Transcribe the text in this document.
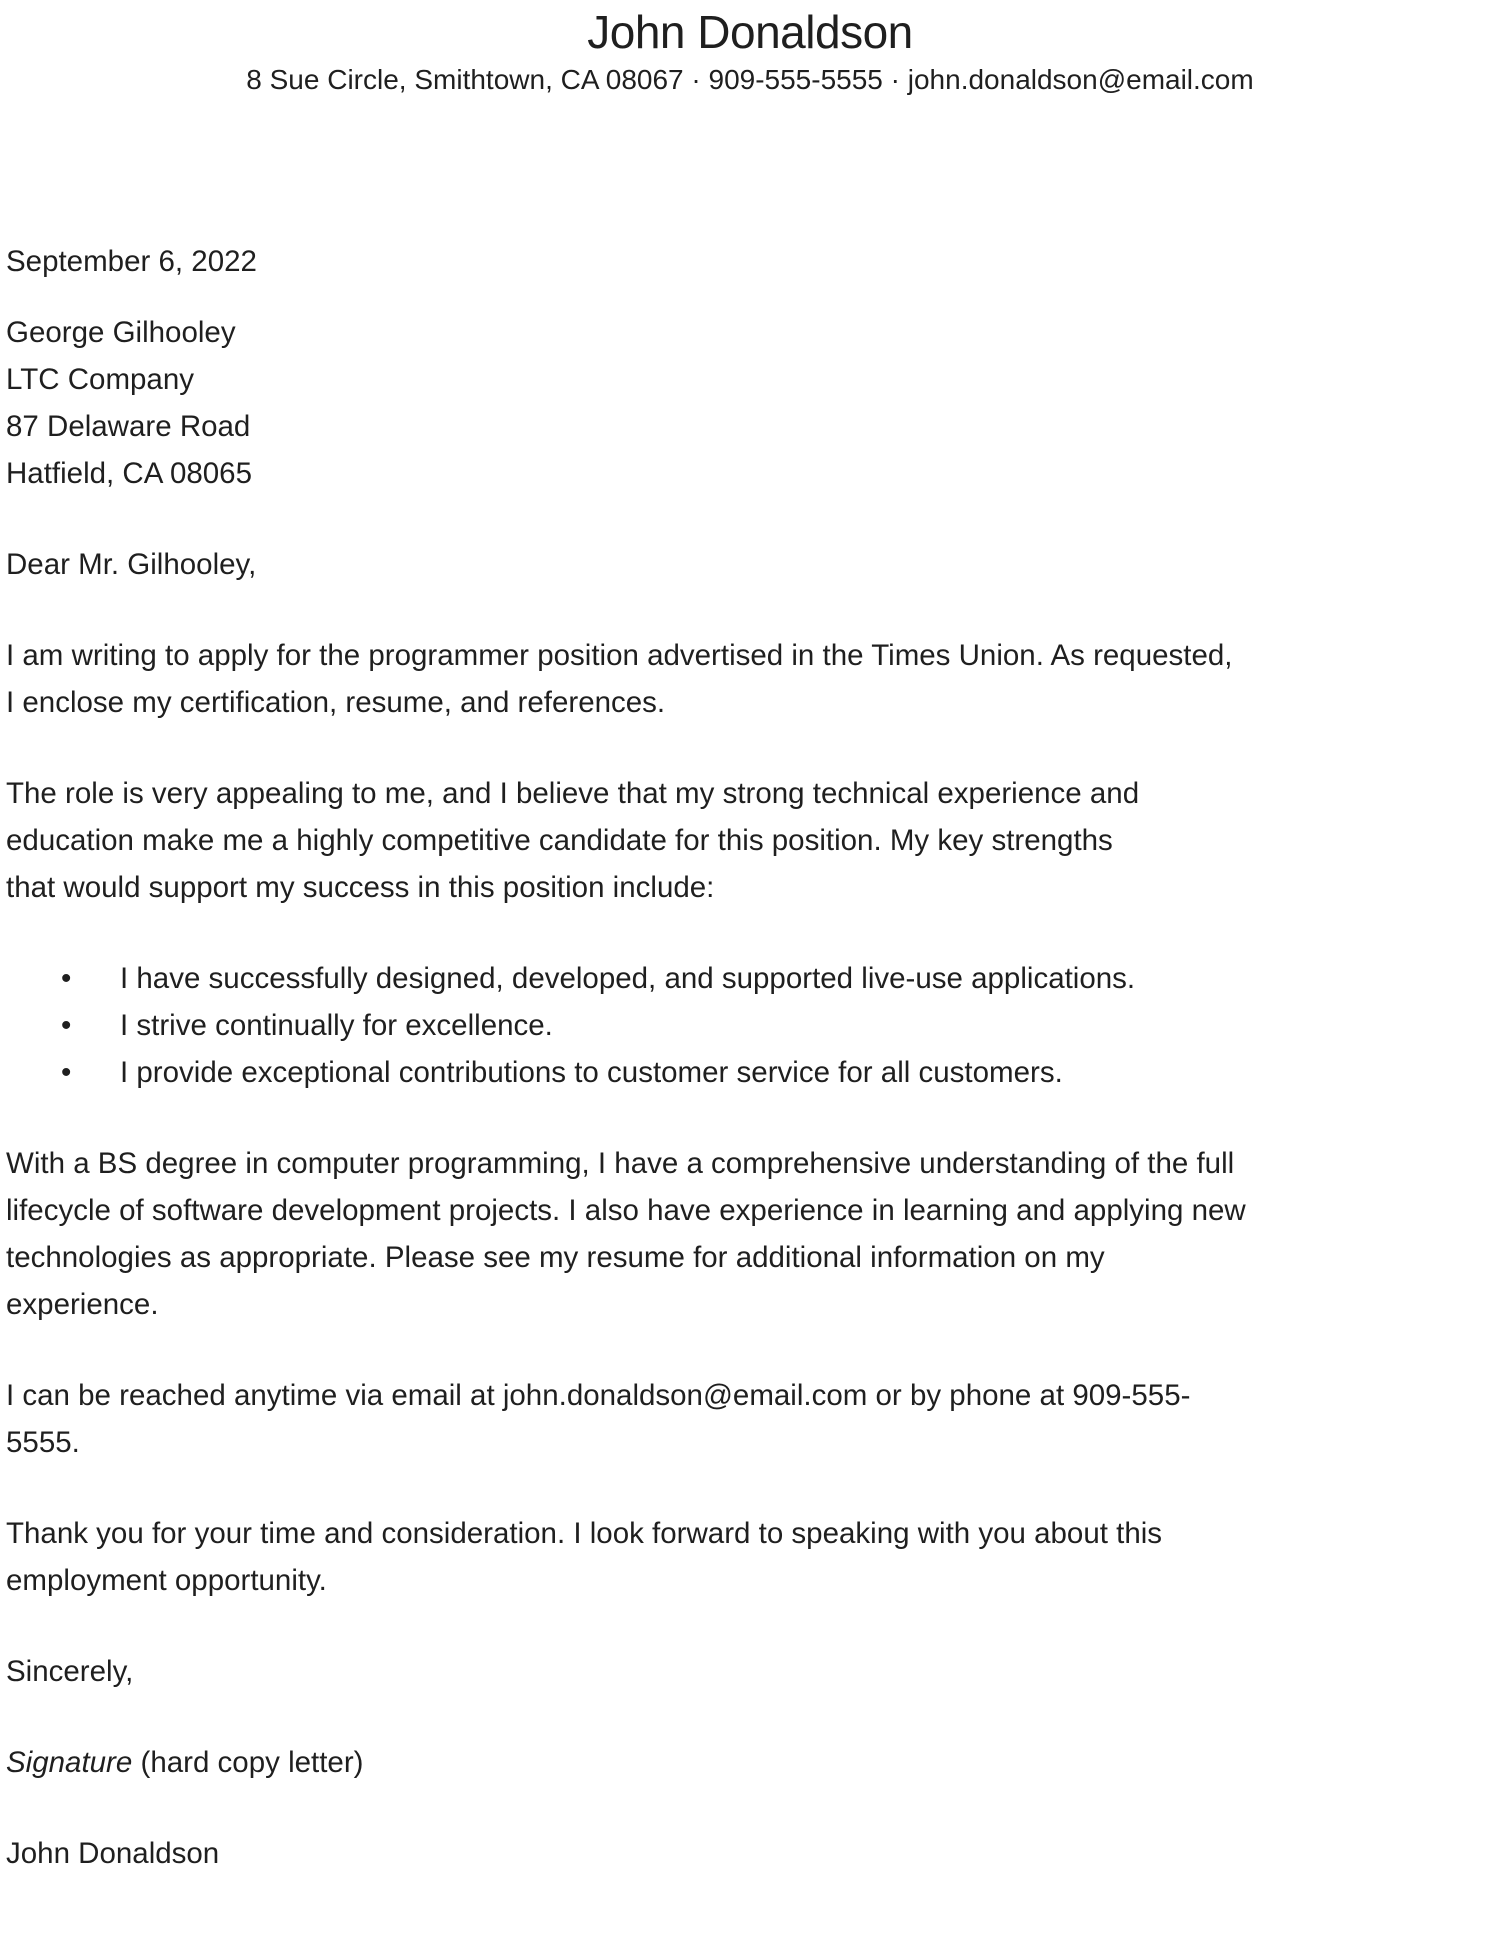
John Donaldson
8 Sue Circle, Smithtown, CA 08067 · 909-555-5555 · john.donaldson@email.com
September 6, 2022
George Gilhooley
LTC Company
87 Delaware Road
Hatfield, CA 08065
Dear Mr. Gilhooley,
I am writing to apply for the programmer position advertised in the Times Union. As requested,
I enclose my certification, resume, and references.
The role is very appealing to me, and I believe that my strong technical experience and
education make me a highly competitive candidate for this position. My key strengths
that would support my success in this position include:
• I have successfully designed, developed, and supported live-use applications.
• I strive continually for excellence.
• I provide exceptional contributions to customer service for all customers.
With a BS degree in computer programming, I have a comprehensive understanding of the full
lifecycle of software development projects. I also have experience in learning and applying new
technologies as appropriate. Please see my resume for additional information on my
experience.
I can be reached anytime via email at john.donaldson@email.com or by phone at 909-555-
5555.
Thank you for your time and consideration. I look forward to speaking with you about this
employment opportunity.
Sincerely,
Signature (hard copy letter)
John Donaldson
